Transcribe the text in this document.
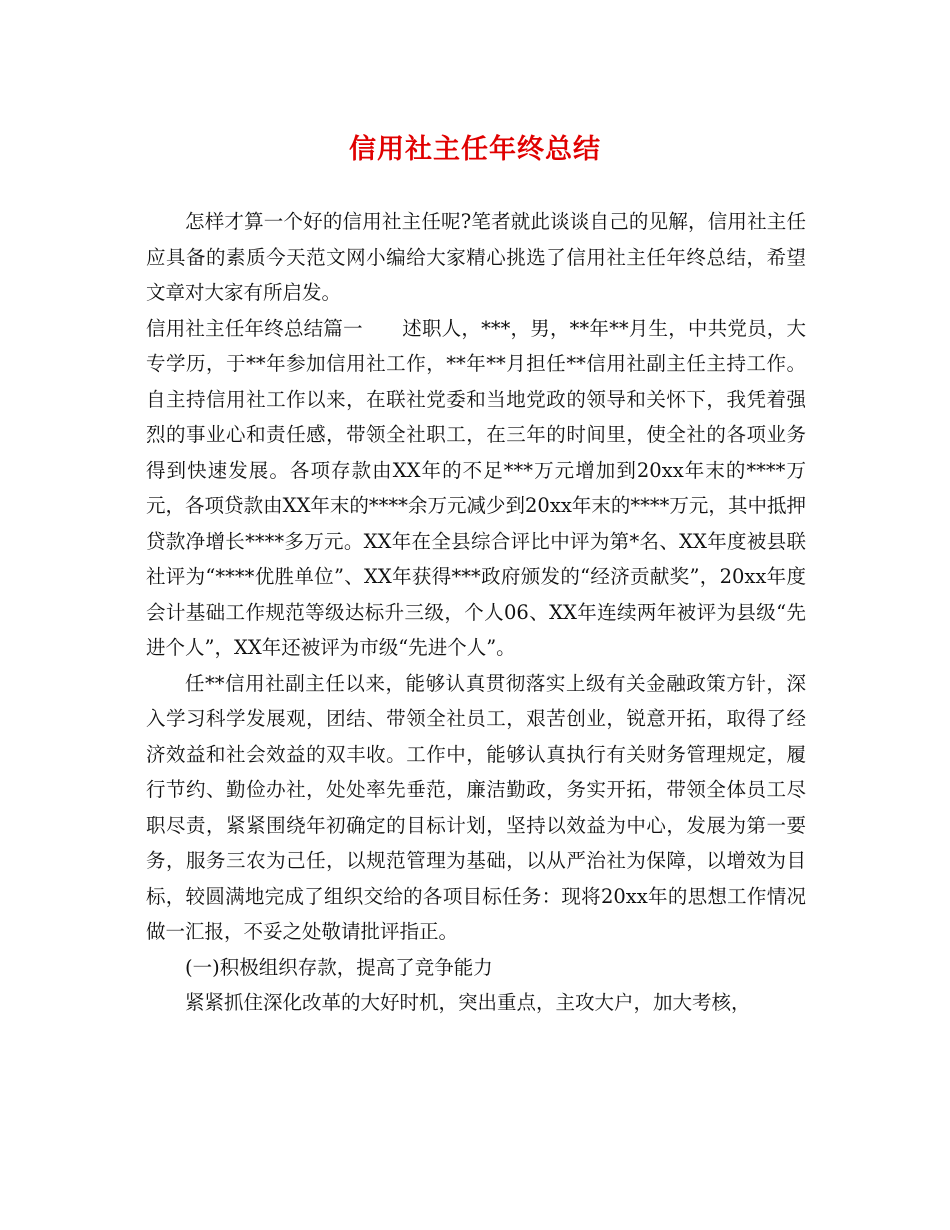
信用社主任年终总结

怎样才算一个好的信用社主任呢?笔者就此谈谈自己的见解，信用社主任应具备的素质今天范文网小编给大家精心挑选了信用社主任年终总结，希望文章对大家有所启发。

信用社主任年终总结篇一　　述职人，***，男，**年**月生，中共党员，大专学历，于**年参加信用社工作，**年**月担任**信用社副主任主持工作。自主持信用社工作以来，在联社党委和当地党政的领导和关怀下，我凭着强烈的事业心和责任感，带领全社职工，在三年的时间里，使全社的各项业务得到快速发展。各项存款由XX年的不足***万元增加到20xx年末的****万元，各项贷款由XX年末的****余万元减少到20xx年末的****万元，其中抵押贷款净增长****多万元。XX年在全县综合评比中评为第*名、XX年度被县联社评为“****优胜单位”、XX年获得***政府颁发的“经济贡献奖”，20xx年度会计基础工作规范等级达标升三级，个人06、XX年连续两年被评为县级“先进个人”，XX年还被评为市级“先进个人”。

任**信用社副主任以来，能够认真贯彻落实上级有关金融政策方针，深入学习科学发展观，团结、带领全社员工，艰苦创业，锐意开拓，取得了经济效益和社会效益的双丰收。工作中，能够认真执行有关财务管理规定，履行节约、勤俭办社，处处率先垂范，廉洁勤政，务实开拓，带领全体员工尽职尽责，紧紧围绕年初确定的目标计划，坚持以效益为中心，发展为第一要务，服务三农为己任，以规范管理为基础，以从严治社为保障，以增效为目标，较圆满地完成了组织交给的各项目标任务：现将20xx年的思想工作情况做一汇报，不妥之处敬请批评指正。

(一)积极组织存款，提高了竞争能力

紧紧抓住深化改革的大好时机，突出重点，主攻大户，加大考核，
